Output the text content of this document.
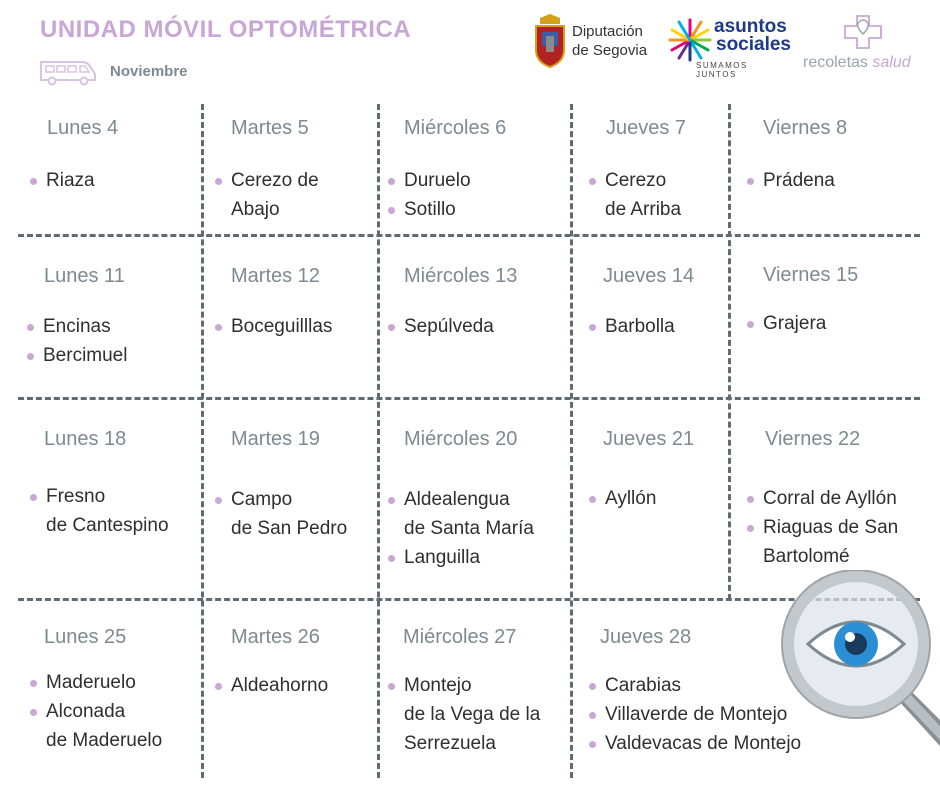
UNIDAD MÓVIL OPTOMÉTRICA
Noviembre
Diputación
de Segovia
asuntos
sociales
SUMAMOS JUNTOS
recoletas salud
Lunes 4
Riaza
Martes 5
Cerezo de
Abajo
Miércoles 6
Duruelo
Sotillo
Jueves 7
Cerezo
de Arriba
Viernes 8
Prádena
Lunes 11
Encinas
Bercimuel
Martes 12
Boceguilllas
Miércoles 13
Sepúlveda
Jueves 14
Barbolla
Viernes 15
Grajera
Lunes 18
Fresno
de Cantespino
Martes 19
Campo
de San Pedro
Miércoles 20
Aldealengua
de Santa María
Languilla
Jueves 21
Ayllón
Viernes 22
Corral de Ayllón
Riaguas de San
Bartolomé
Lunes 25
Maderuelo
Alconada
de Maderuelo
Martes 26
Aldeahorno
Miércoles 27
Montejo
de la Vega de la
Serrezuela
Jueves 28
Carabias
Villaverde de Montejo
Valdevacas de Montejo
